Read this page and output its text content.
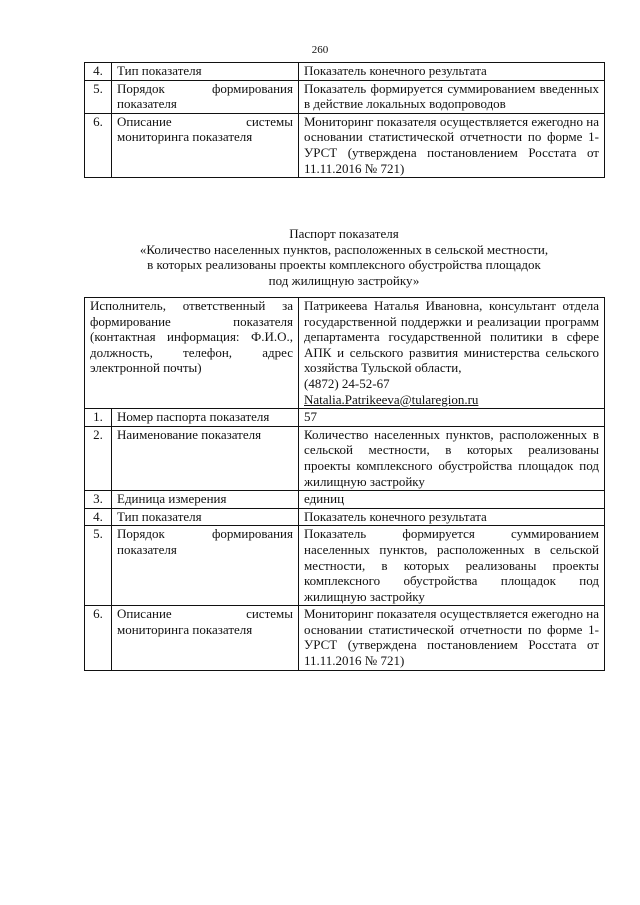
260
4.	Тип показателя	Показатель конечного результата
5.	Порядок формирования показателя	Показатель формируется суммированием введенных в действие локальных водопроводов
6.	Описание системы мониторинга показателя	Мониторинг показателя осуществляется ежегодно на основании статистической отчетности по форме 1-УРСТ (утверждена постановлением Росстата от 11.11.2016 № 721)
Паспорт показателя
«Количество населенных пунктов, расположенных в сельской местности,
в которых реализованы проекты комплексного обустройства площадок
под жилищную застройку»
Исполнитель, ответственный за формирование показателя (контактная информация: Ф.И.О., должность, телефон, адрес электронной почты)		Патрикеева Наталья Ивановна, консультант отдела государственной поддержки и реализации программ департамента государственной политики в сфере АПК и сельского развития министерства сельского хозяйства Тульской области,
(4872) 24-52-67
Natalia.Patrikeeva@tularegion.ru
1.	Номер паспорта показателя	57
2.	Наименование показателя	Количество населенных пунктов, расположенных в сельской местности, в которых реализованы проекты комплексного обустройства площадок под жилищную застройку
3.	Единица измерения	единиц
4.	Тип показателя	Показатель конечного результата
5.	Порядок формирования показателя	Показатель формируется суммированием населенных пунктов, расположенных в сельской местности, в которых реализованы проекты комплексного обустройства площадок под жилищную застройку
6.	Описание системы мониторинга показателя	Мониторинг показателя осуществляется ежегодно на основании статистической отчетности по форме 1-УРСТ (утверждена постановлением Росстата от 11.11.2016 № 721)
